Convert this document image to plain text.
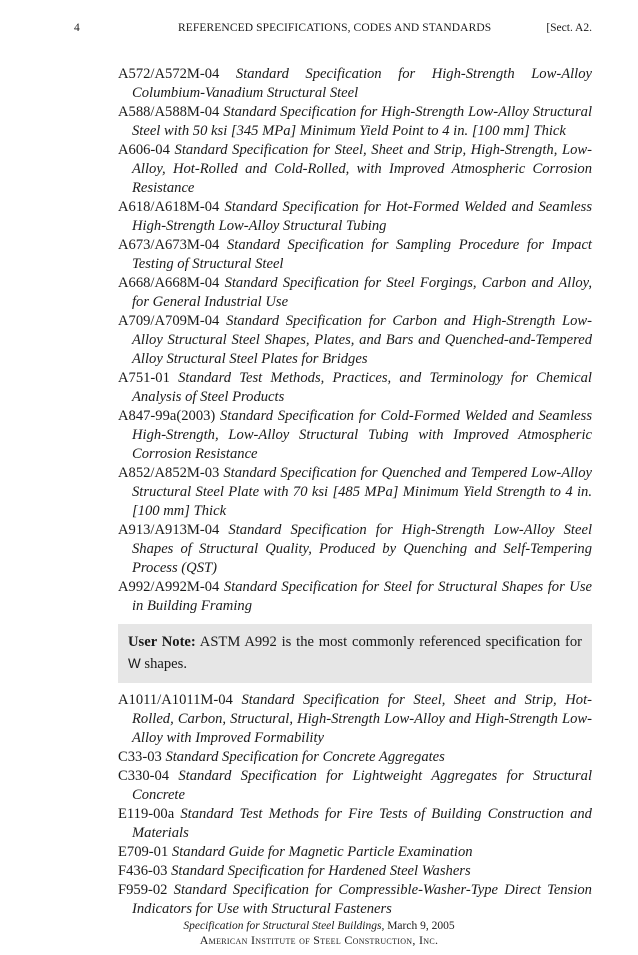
4	REFERENCED SPECIFICATIONS, CODES AND STANDARDS	[Sect. A2.

A572/A572M-04 Standard Specification for High-Strength Low-Alloy Columbium-Vanadium Structural Steel

A588/A588M-04 Standard Specification for High-Strength Low-Alloy Structural Steel with 50 ksi [345 MPa] Minimum Yield Point to 4 in. [100 mm] Thick

A606-04 Standard Specification for Steel, Sheet and Strip, High-Strength, Low-Alloy, Hot-Rolled and Cold-Rolled, with Improved Atmospheric Corrosion Resistance

A618/A618M-04 Standard Specification for Hot-Formed Welded and Seamless High-Strength Low-Alloy Structural Tubing

A673/A673M-04 Standard Specification for Sampling Procedure for Impact Testing of Structural Steel

A668/A668M-04 Standard Specification for Steel Forgings, Carbon and Alloy, for General Industrial Use

A709/A709M-04 Standard Specification for Carbon and High-Strength Low-Alloy Structural Steel Shapes, Plates, and Bars and Quenched-and-Tempered Alloy Structural Steel Plates for Bridges

A751-01 Standard Test Methods, Practices, and Terminology for Chemical Analysis of Steel Products

A847-99a(2003) Standard Specification for Cold-Formed Welded and Seamless High-Strength, Low-Alloy Structural Tubing with Improved Atmospheric Corrosion Resistance

A852/A852M-03 Standard Specification for Quenched and Tempered Low-Alloy Structural Steel Plate with 70 ksi [485 MPa] Minimum Yield Strength to 4 in. [100 mm] Thick

A913/A913M-04 Standard Specification for High-Strength Low-Alloy Steel Shapes of Structural Quality, Produced by Quenching and Self-Tempering Process (QST)

A992/A992M-04 Standard Specification for Steel for Structural Shapes for Use in Building Framing

User Note: ASTM A992 is the most commonly referenced specification for W shapes.

A1011/A1011M-04 Standard Specification for Steel, Sheet and Strip, Hot-Rolled, Carbon, Structural, High-Strength Low-Alloy and High-Strength Low-Alloy with Improved Formability

C33-03 Standard Specification for Concrete Aggregates

C330-04 Standard Specification for Lightweight Aggregates for Structural Concrete

E119-00a Standard Test Methods for Fire Tests of Building Construction and Materials

E709-01 Standard Guide for Magnetic Particle Examination

F436-03 Standard Specification for Hardened Steel Washers

F959-02 Standard Specification for Compressible-Washer-Type Direct Tension Indicators for Use with Structural Fasteners

Specification for Structural Steel Buildings, March 9, 2005
American Institute of Steel Construction, Inc.
